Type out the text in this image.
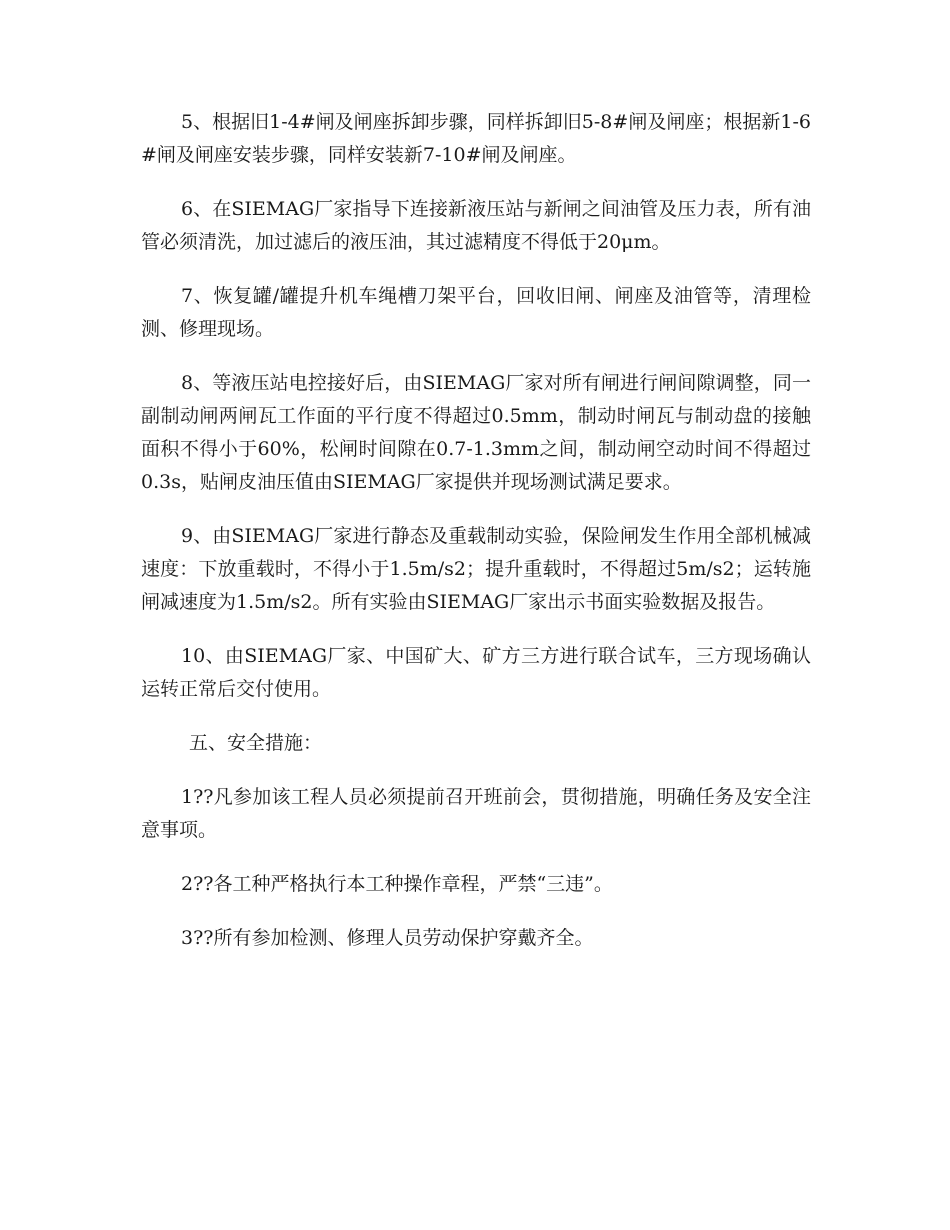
5、根据旧1-4#闸及闸座拆卸步骤，同样拆卸旧5-8#闸及闸座；根据新1-6#闸及闸座安装步骤，同样安装新7-10#闸及闸座。

6、在SIEMAG厂家指导下连接新液压站与新闸之间油管及压力表，所有油管必须清洗，加过滤后的液压油，其过滤精度不得低于20μm。

7、恢复罐/罐提升机车绳槽刀架平台，回收旧闸、闸座及油管等，清理检测、修理现场。

8、等液压站电控接好后，由SIEMAG厂家对所有闸进行闸间隙调整，同一副制动闸两闸瓦工作面的平行度不得超过0.5mm，制动时闸瓦与制动盘的接触面积不得小于60%，松闸时间隙在0.7-1.3mm之间，制动闸空动时间不得超过0.3s，贴闸皮油压值由SIEMAG厂家提供并现场测试满足要求。

9、由SIEMAG厂家进行静态及重载制动实验，保险闸发生作用全部机械减速度：下放重载时，不得小于1.5m/s2；提升重载时，不得超过5m/s2；运转施闸减速度为1.5m/s2。所有实验由SIEMAG厂家出示书面实验数据及报告。

10、由SIEMAG厂家、中国矿大、矿方三方进行联合试车，三方现场确认运转正常后交付使用。

五、安全措施：

1??凡参加该工程人员必须提前召开班前会，贯彻措施，明确任务及安全注意事项。

2??各工种严格执行本工种操作章程，严禁“三违”。

3??所有参加检测、修理人员劳动保护穿戴齐全。
